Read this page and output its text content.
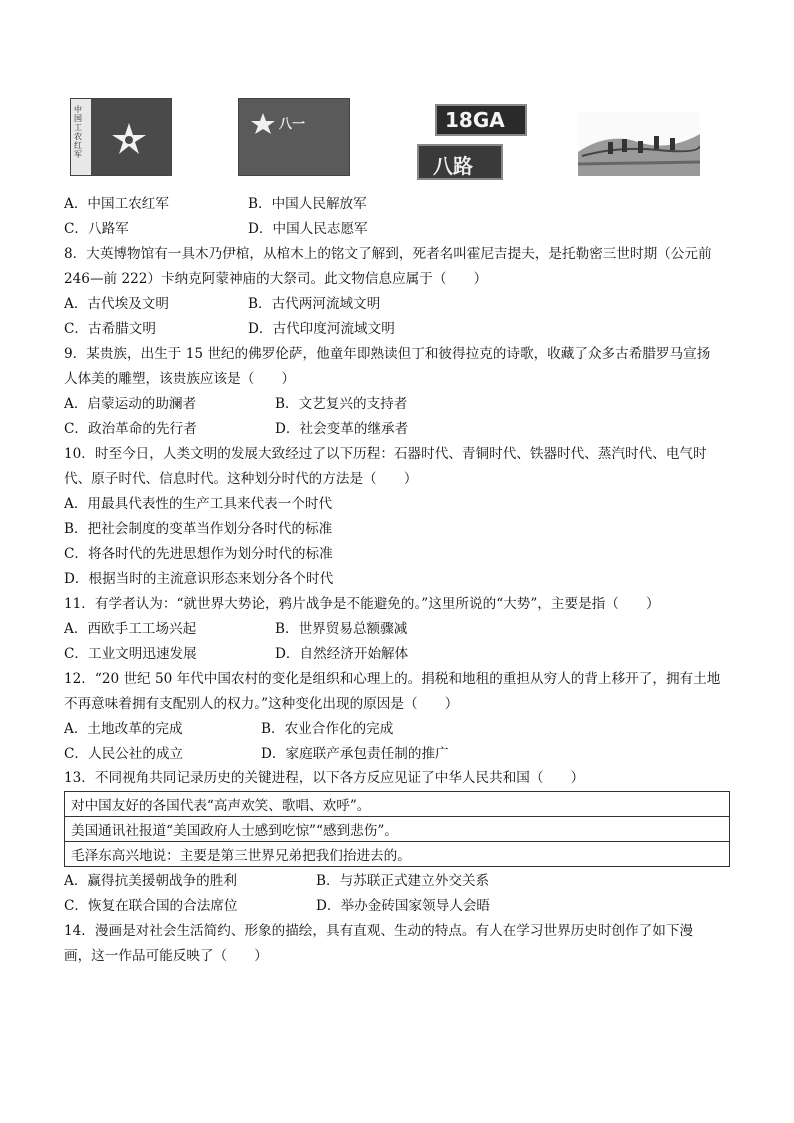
中国工农红军
八一	18GA
八路
A．中国工农红军	B．中国人民解放军
C．八路军	D．中国人民志愿军
8．大英博物馆有一具木乃伊棺，从棺木上的铭文了解到，死者名叫霍尼吉提夫，是托勒密三世时期（公元前
246—前 222）卡纳克阿蒙神庙的大祭司。此文物信息应属于（　　）
A．古代埃及文明	B．古代两河流域文明
C．古希腊文明	D．古代印度河流域文明
9．某贵族，出生于 15 世纪的佛罗伦萨，他童年即熟读但丁和彼得拉克的诗歌，收藏了众多古希腊罗马宣扬
人体美的雕塑，该贵族应该是（　　）
A．启蒙运动的助澜者	B．文艺复兴的支持者
C．政治革命的先行者	D．社会变革的继承者
10．时至今日，人类文明的发展大致经过了以下历程：石器时代、青铜时代、铁器时代、蒸汽时代、电气时
代、原子时代、信息时代。这种划分时代的方法是（　　）
A．用最具代表性的生产工具来代表一个时代
B．把社会制度的变革当作划分各时代的标准
C．将各时代的先进思想作为划分时代的标准
D．根据当时的主流意识形态来划分各个时代
11．有学者认为：“就世界大势论，鸦片战争是不能避免的。”这里所说的“大势”，主要是指（　　）
A．西欧手工工场兴起	B．世界贸易总额骤减
C．工业文明迅速发展	D．自然经济开始解体
12．“20 世纪 50 年代中国农村的变化是组织和心理上的。捐税和地租的重担从穷人的背上移开了，拥有土地
不再意味着拥有支配别人的权力。”这种变化出现的原因是（　　）
A．土地改革的完成	B．农业合作化的完成
C．人民公社的成立	D．家庭联产承包责任制的推广
13．不同视角共同记录历史的关键进程，以下各方反应见证了中华人民共和国（　　）
对中国友好的各国代表“高声欢笑、歌唱、欢呼”。
美国通讯社报道“美国政府人士感到吃惊”“感到悲伤”。
毛泽东高兴地说：主要是第三世界兄弟把我们抬进去的。
A．赢得抗美援朝战争的胜利	B．与苏联正式建立外交关系
C．恢复在联合国的合法席位	D．举办金砖国家领导人会晤
14．漫画是对社会生活简约、形象的描绘，具有直观、生动的特点。有人在学习世界历史时创作了如下漫
画，这一作品可能反映了（　　）
